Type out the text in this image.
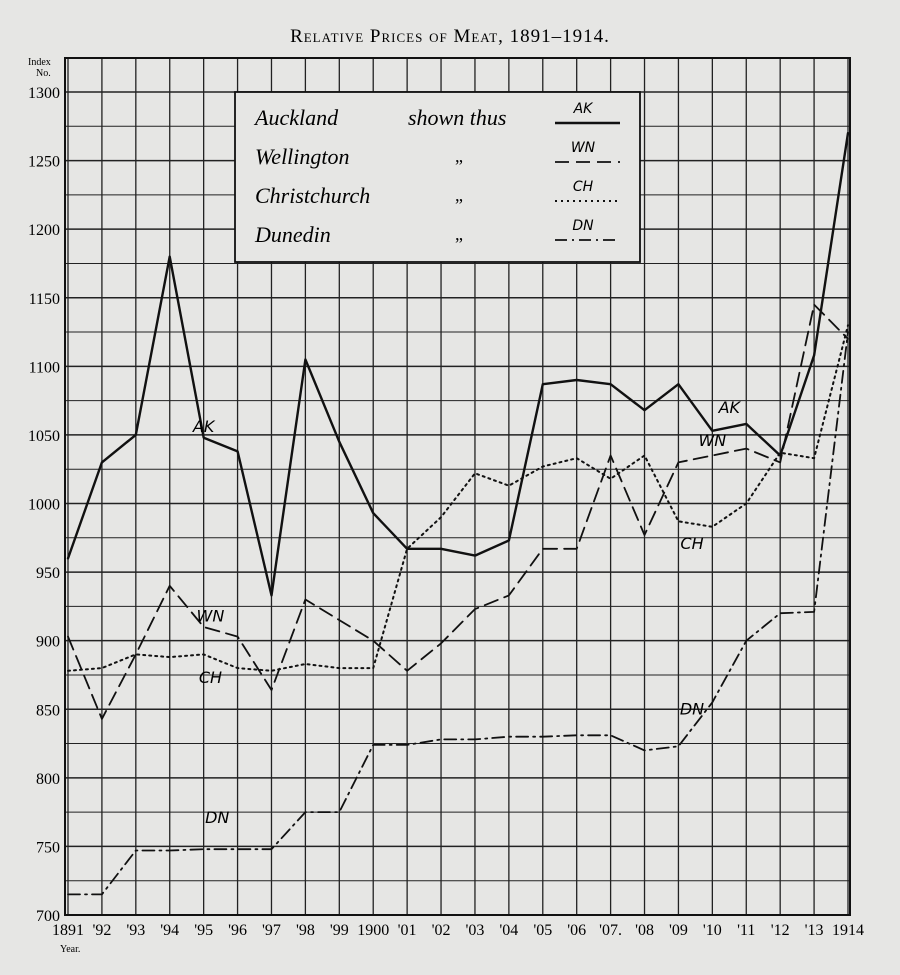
Auckland	shown thus	AK
Wellington	„	WN
Christchurch	„	CH
Dunedin	„	DN
AK
AK
WN
WN
CH
CH
DN
DN
Relative Prices of Meat, 1891–1914.
700
750
800
850
900
950
1000
1050
1100
1150
1200
1250
1300
Index
No.
1891 '92 '93 '94 '95 '96 '97 '98 '99 1900 '01 '02 '03 '04 '05 '06 '07. '08 '09 '10 '11 '12 '13 1914
Year.
